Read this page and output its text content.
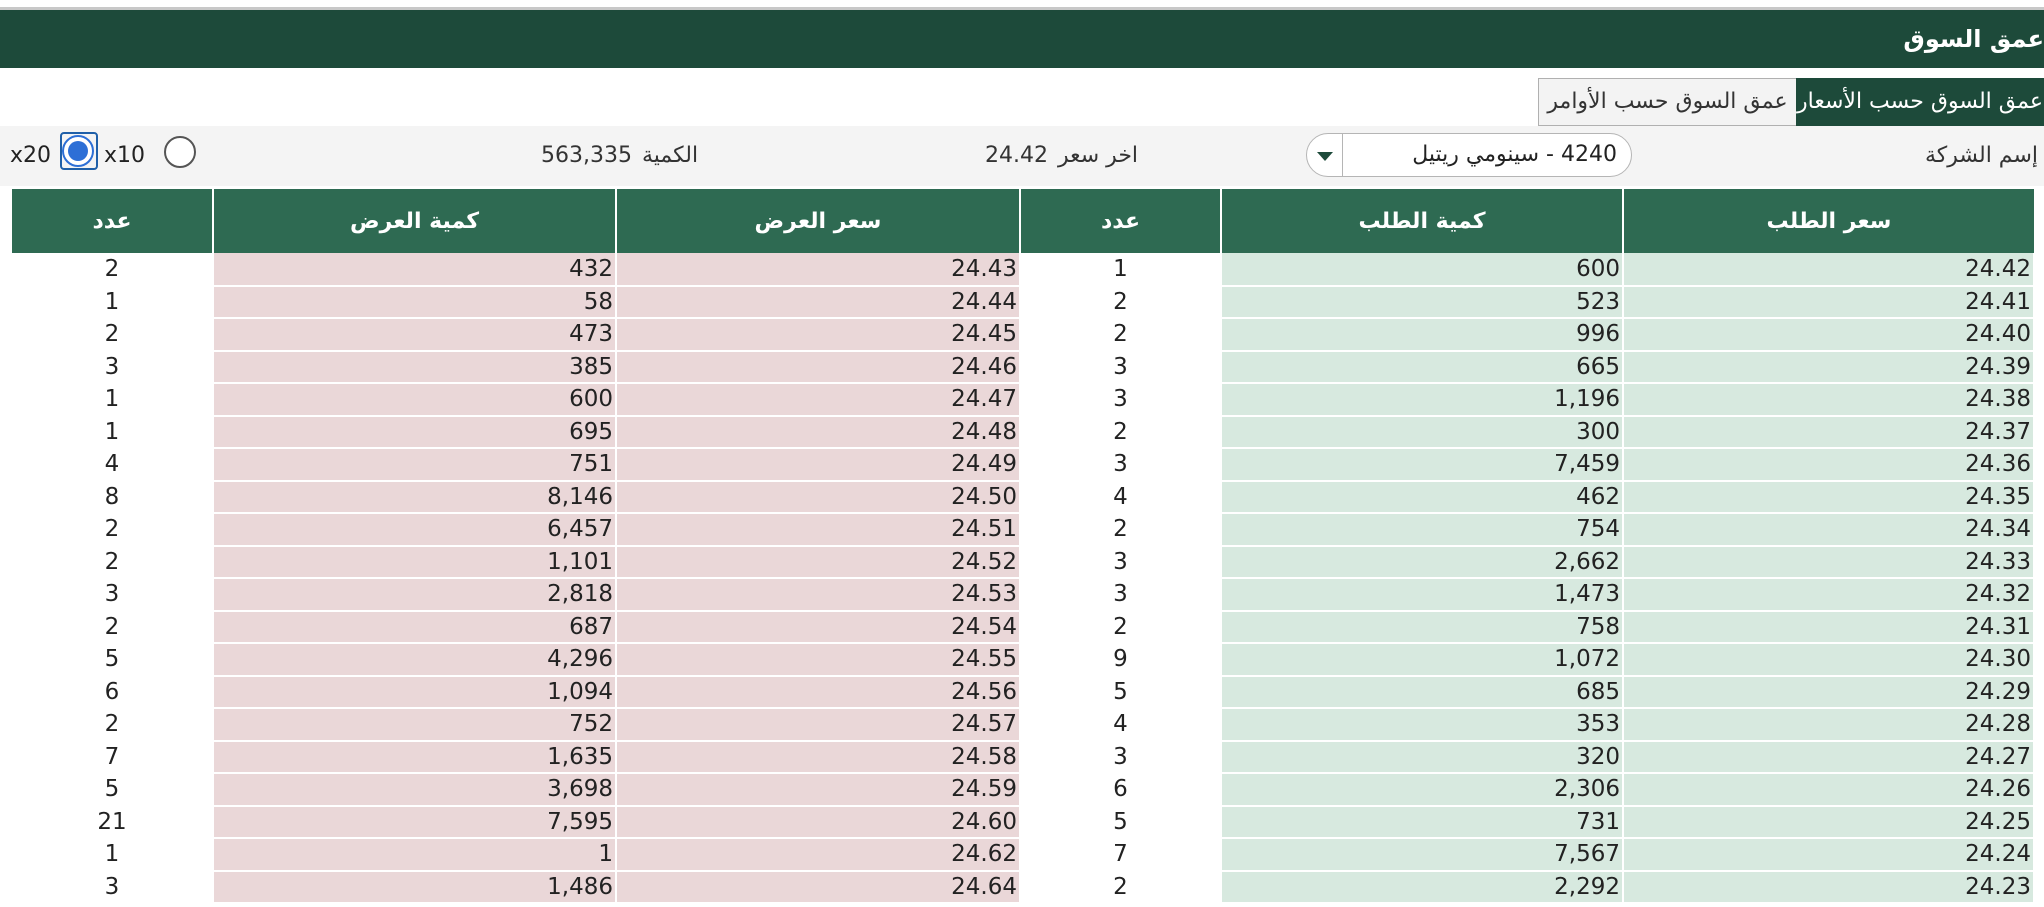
عمق السوق
عمق السوق حسب الأسعار
عمق السوق حسب الأوامر
إسم الشركة
4240 - سينومي ريتيل
اخر سعر
24.42
الكمية
563,335
x10
x20
عدد	كمية العرض	سعر العرض	عدد	كمية الطلب	سعر الطلب
2	432	24.43	1	600	24.42
1	58	24.44	2	523	24.41
2	473	24.45	2	996	24.40
3	385	24.46	3	665	24.39
1	600	24.47	3	1,196	24.38
1	695	24.48	2	300	24.37
4	751	24.49	3	7,459	24.36
8	8,146	24.50	4	462	24.35
2	6,457	24.51	2	754	24.34
2	1,101	24.52	3	2,662	24.33
3	2,818	24.53	3	1,473	24.32
2	687	24.54	2	758	24.31
5	4,296	24.55	9	1,072	24.30
6	1,094	24.56	5	685	24.29
2	752	24.57	4	353	24.28
7	1,635	24.58	3	320	24.27
5	3,698	24.59	6	2,306	24.26
21	7,595	24.60	5	731	24.25
1	1	24.62	7	7,567	24.24
3	1,486	24.64	2	2,292	24.23
